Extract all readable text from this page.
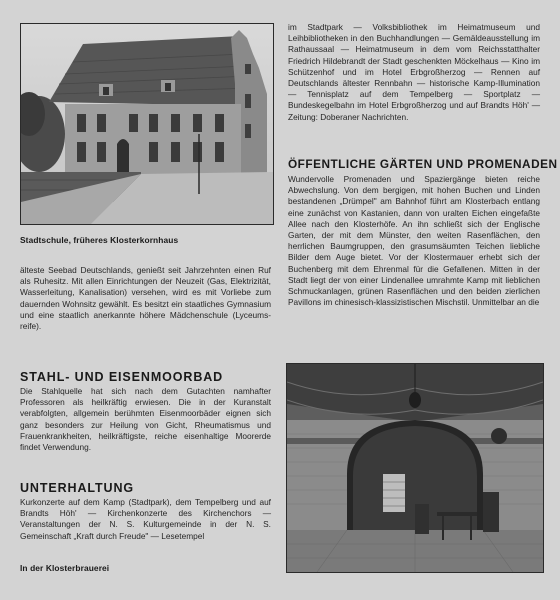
Stadtschule, früheres Klosterkornhaus

älteste Seebad Deutschlands, genießt seit Jahrzehnten einen Ruf als Ruhesitz. Mit allen Einrichtungen der Neuzeit (Gas, Elektrizität, Wasserleitung, Kanalisation) versehen, wird es mit Vorliebe zum dauernden Wohnsitz gewählt. Es besitzt ein staatliches Gymnasium und eine staatlich anerkannte höhere Mädchenschule (Lyceums-reife).

STAHL- UND EISENMOORBAD

Die Stahlquelle hat sich nach dem Gutachten namhafter Professoren als heilkräftig erwiesen. Die in der Kuranstalt verabfolgten, allgemein berühmten Eisenmoorbäder eignen sich ganz besonders zur Heilung von Gicht, Rheumatismus und Frauenkrankheiten, heilkräftigste, reiche eisenhaltige Moorerde findet Verwendung.

UNTERHALTUNG

Kurkonzerte auf dem Kamp (Stadtpark), dem Tempelberg und auf Brandts Höh' — Kirchenkonzerte des Kirchenchors — Veranstaltungen der N. S. Kulturgemeinde in der N. S. Gemeinschaft „Kraft durch Freude" — Lesetempel

In der Klosterbrauerei

im Stadtpark — Volksbibliothek im Heimatmuseum und Leihbibliotheken in den Buchhandlungen — Gemäldeausstellung im Rathaussaal — Heimatmuseum in dem vom Reichsstatthalter Friedrich Hildebrandt der Stadt geschenkten Möckelhaus — Kino im Schützenhof und im Hotel Erbgroßherzog — Rennen auf Deutschlands ältester Rennbahn — historische Kamp-Illumination — Tennisplatz auf dem Tempelberg — Sportplatz — Bundeskegelbahn im Hotel Erbgroßherzog und auf Brandts Höh' — Zeitung: Doberaner Nachrichten.

ÖFFENTLICHE GÄRTEN UND PROMENADEN

Wundervolle Promenaden und Spaziergänge bieten reiche Abwechslung. Von dem bergigen, mit hohen Buchen und Linden bestandenen „Drümpel" am Bahnhof führt am Klosterbach entlang eine zunächst von Kastanien, dann von uralten Eichen eingefaßte Allee nach den Klosterhöfe. An ihn schließt sich der Englische Garten, der mit dem Münster, den weiten Rasenflächen, den herrlichen Baumgruppen, den grasumsäumten Teichen liebliche Bilder dem Auge bietet. Vor der Klostermauer erhebt sich der Buchenberg mit dem Ehrenmal für die Gefallenen. Mitten in der Stadt liegt der von einer Lindenallee umrahmte Kamp mit lieblichen Schmuckanlagen, grünen Rasenflächen und den beiden zierlichen Pavillons im chinesisch-klassizistischen Mischstil. Unmittelbar an die
